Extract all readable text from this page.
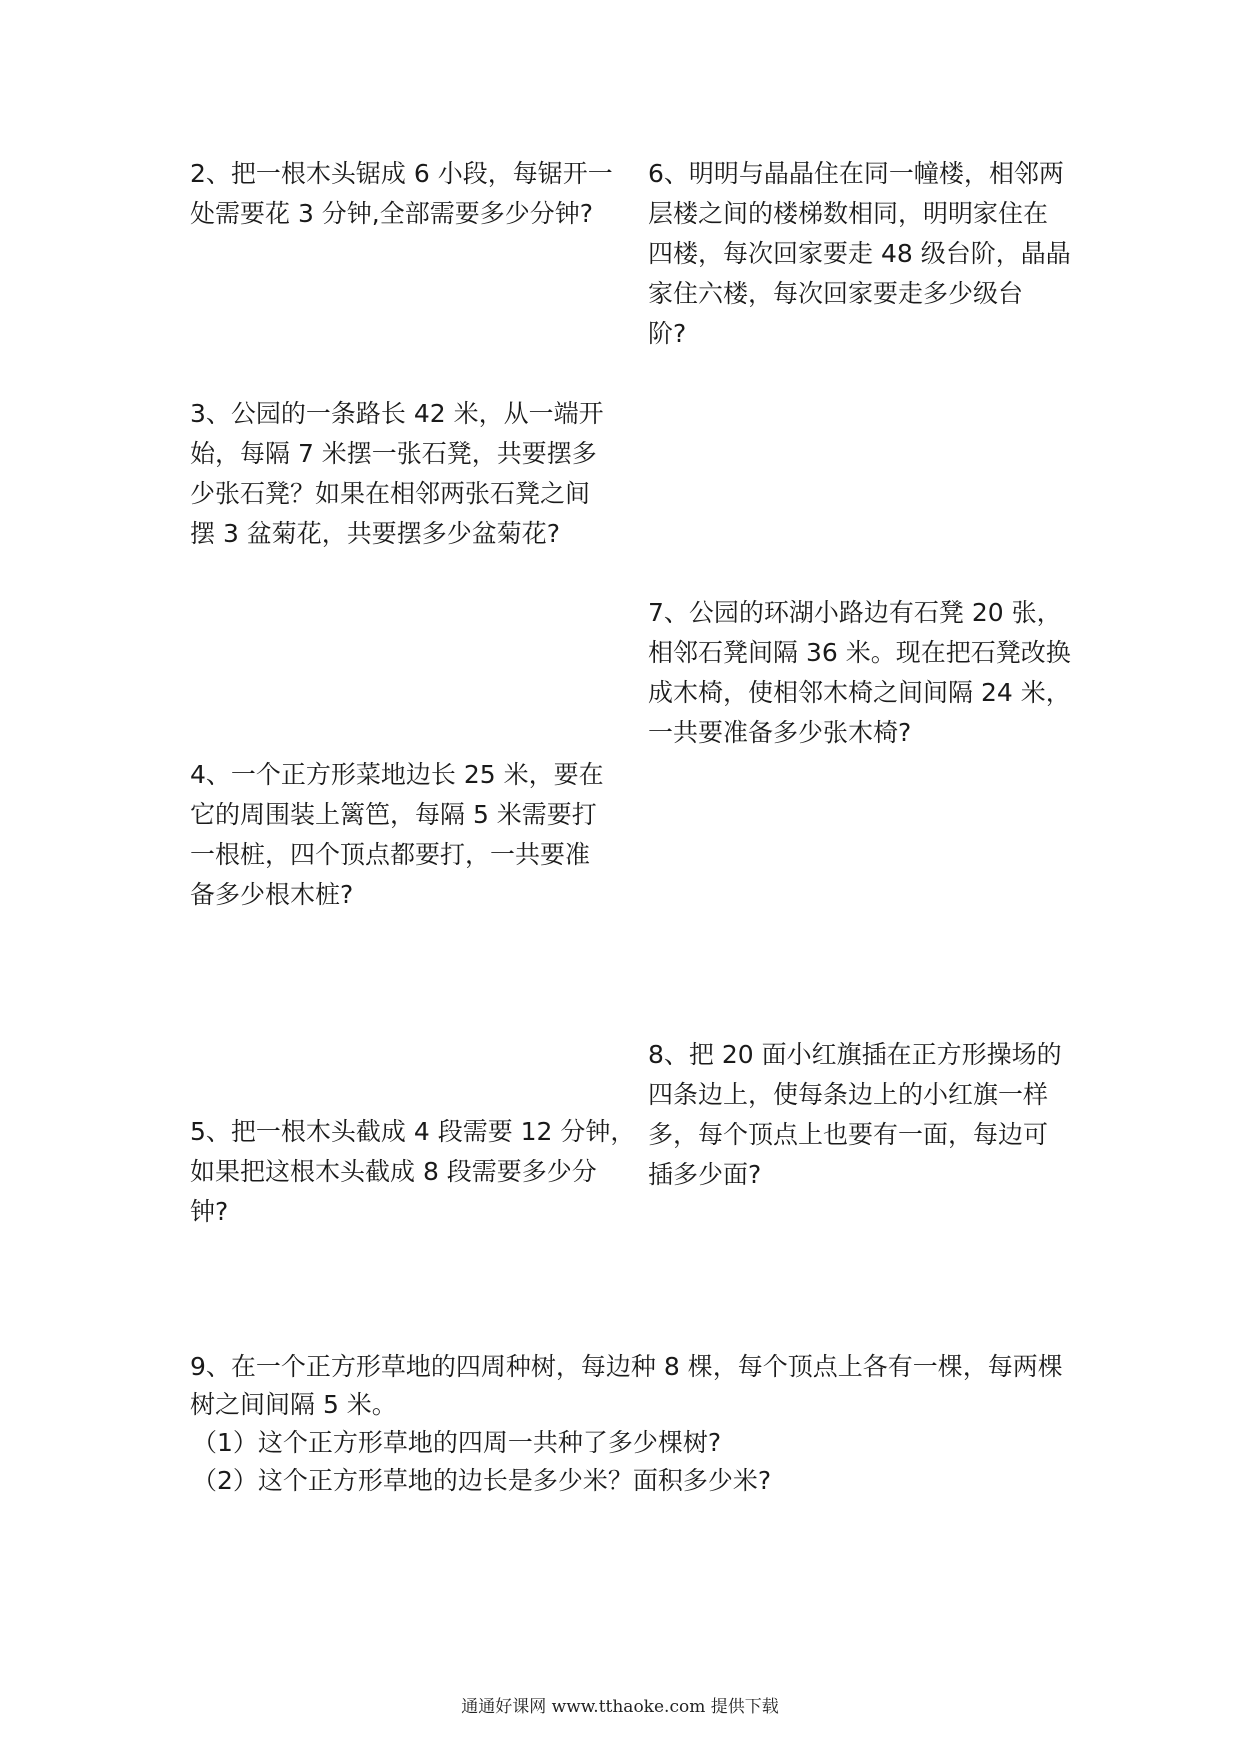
2、把一根木头锯成 6 小段，每锯开一
处需要花 3 分钟,全部需要多少分钟?
3、公园的一条路长 42 米，从一端开
始，每隔 7 米摆一张石凳，共要摆多
少张石凳？如果在相邻两张石凳之间
摆 3 盆菊花，共要摆多少盆菊花?
4、一个正方形菜地边长 25 米，要在
它的周围装上篱笆，每隔 5 米需要打
一根桩，四个顶点都要打，一共要准
备多少根木桩?
5、把一根木头截成 4 段需要 12 分钟，
如果把这根木头截成 8 段需要多少分
钟?
6、明明与晶晶住在同一幢楼，相邻两
层楼之间的楼梯数相同，明明家住在
四楼，每次回家要走 48 级台阶，晶晶
家住六楼，每次回家要走多少级台
阶?
7、公园的环湖小路边有石凳 20 张，
相邻石凳间隔 36 米。现在把石凳改换
成木椅，使相邻木椅之间间隔 24 米，
一共要准备多少张木椅?
8、把 20 面小红旗插在正方形操场的
四条边上，使每条边上的小红旗一样
多，每个顶点上也要有一面，每边可
插多少面?
9、在一个正方形草地的四周种树，每边种 8 棵，每个顶点上各有一棵，每两棵
树之间间隔 5 米。
（1）这个正方形草地的四周一共种了多少棵树?
（2）这个正方形草地的边长是多少米？面积多少米?
通通好课网 www.tthaoke.com 提供下载
